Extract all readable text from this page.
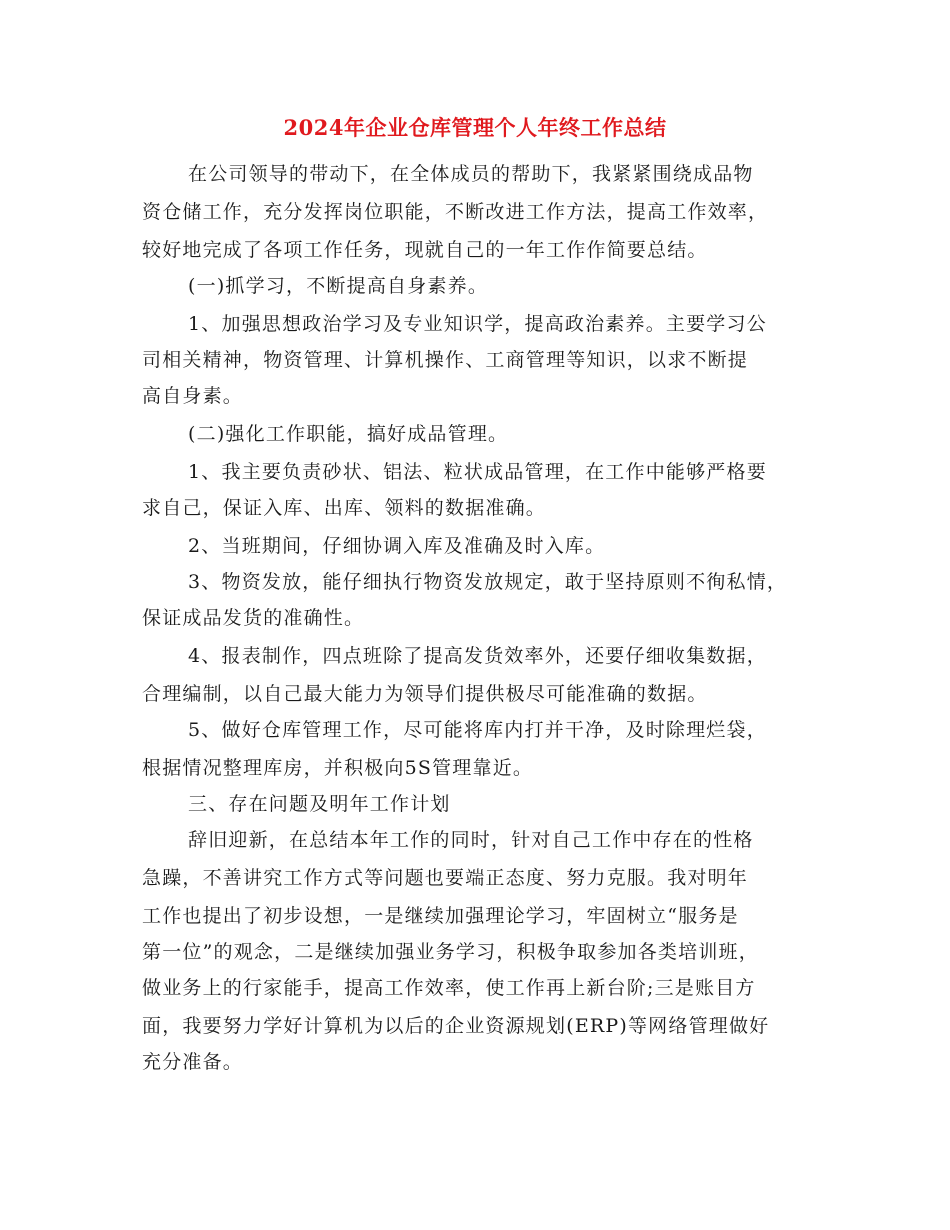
2024年企业仓库管理个人年终工作总结
在公司领导的带动下，在全体成员的帮助下，我紧紧围绕成品物
资仓储工作，充分发挥岗位职能，不断改进工作方法，提高工作效率，
较好地完成了各项工作任务，现就自己的一年工作作简要总结。
(一)抓学习，不断提高自身素养。
1、加强思想政治学习及专业知识学，提高政治素养。主要学习公
司相关精神，物资管理、计算机操作、工商管理等知识，以求不断提
高自身素。
(二)强化工作职能，搞好成品管理。
1、我主要负责砂状、铝法、粒状成品管理，在工作中能够严格要
求自己，保证入库、出库、领料的数据准确。
2、当班期间，仔细协调入库及准确及时入库。
3、物资发放，能仔细执行物资发放规定，敢于坚持原则不徇私情，
保证成品发货的准确性。
4、报表制作，四点班除了提高发货效率外，还要仔细收集数据，
合理编制，以自己最大能力为领导们提供极尽可能准确的数据。
5、做好仓库管理工作，尽可能将库内打并干净，及时除理烂袋，
根据情况整理库房，并积极向5S管理靠近。
三、存在问题及明年工作计划
辞旧迎新，在总结本年工作的同时，针对自己工作中存在的性格
急躁，不善讲究工作方式等问题也要端正态度、努力克服。我对明年
工作也提出了初步设想，一是继续加强理论学习，牢固树立“服务是
第一位”的观念，二是继续加强业务学习，积极争取参加各类培训班，
做业务上的行家能手，提高工作效率，使工作再上新台阶;三是账目方
面，我要努力学好计算机为以后的企业资源规划(ERP)等网络管理做好
充分准备。
